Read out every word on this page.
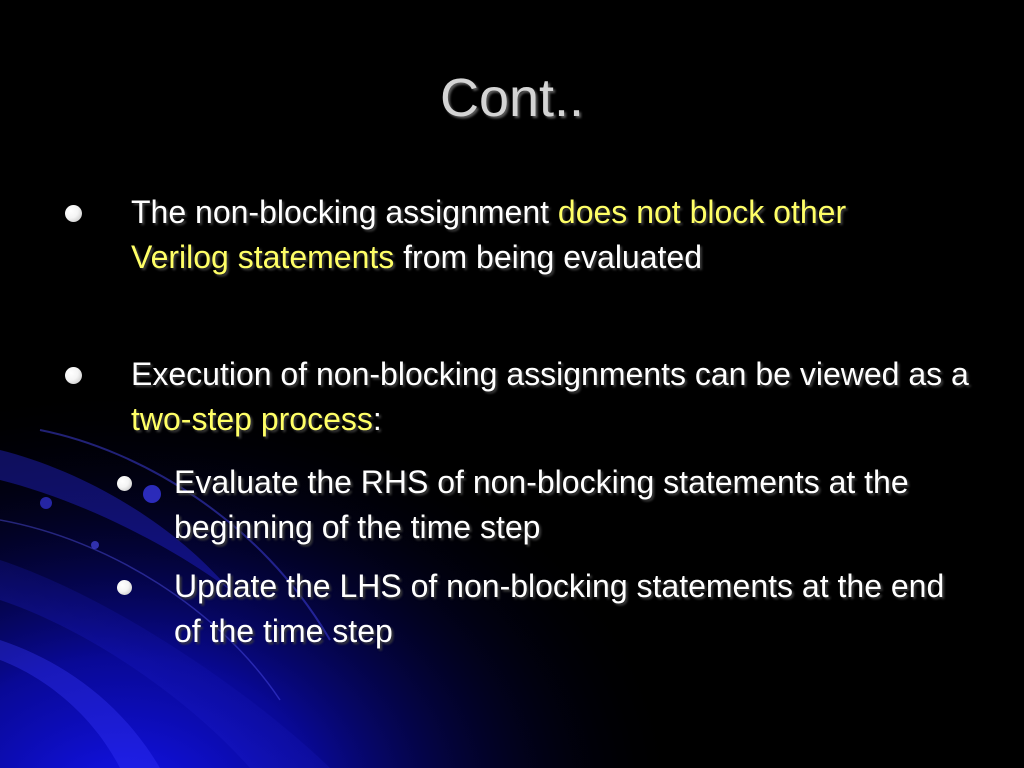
Cont..
The non-blocking assignment does not block other Verilog statements from being evaluated
Execution of non-blocking assignments can be viewed as a two-step process:
Evaluate the RHS of non-blocking statements at the beginning of the time step
Update the LHS of non-blocking statements at the end of the time step
